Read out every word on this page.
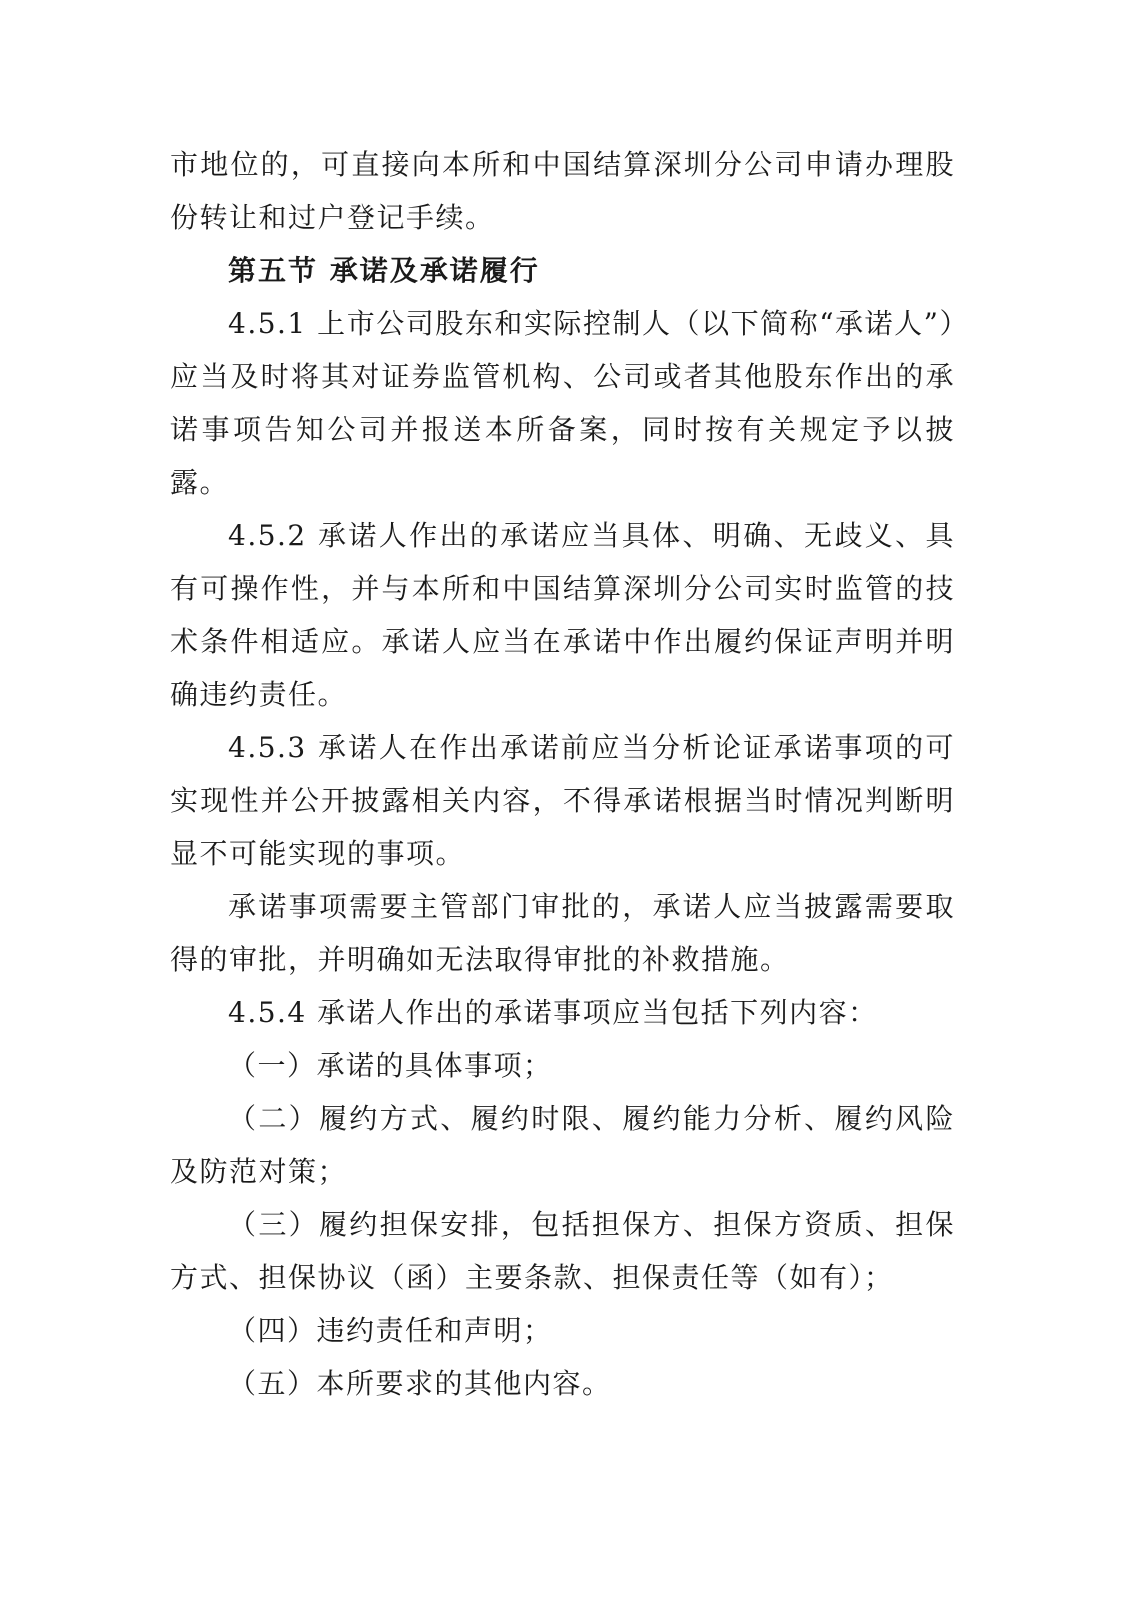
市地位的，可直接向本所和中国结算深圳分公司申请办理股份转让和过户登记手续。

第五节 承诺及承诺履行

4.5.1 上市公司股东和实际控制人（以下简称“承诺人”）应当及时将其对证券监管机构、公司或者其他股东作出的承诺事项告知公司并报送本所备案，同时按有关规定予以披露。

4.5.2 承诺人作出的承诺应当具体、明确、无歧义、具有可操作性，并与本所和中国结算深圳分公司实时监管的技术条件相适应。承诺人应当在承诺中作出履约保证声明并明确违约责任。

4.5.3 承诺人在作出承诺前应当分析论证承诺事项的可实现性并公开披露相关内容，不得承诺根据当时情况判断明显不可能实现的事项。

承诺事项需要主管部门审批的，承诺人应当披露需要取得的审批，并明确如无法取得审批的补救措施。

4.5.4 承诺人作出的承诺事项应当包括下列内容：

（一）承诺的具体事项；

（二）履约方式、履约时限、履约能力分析、履约风险及防范对策；

（三）履约担保安排，包括担保方、担保方资质、担保方式、担保协议（函）主要条款、担保责任等（如有）；

（四）违约责任和声明；

（五）本所要求的其他内容。
